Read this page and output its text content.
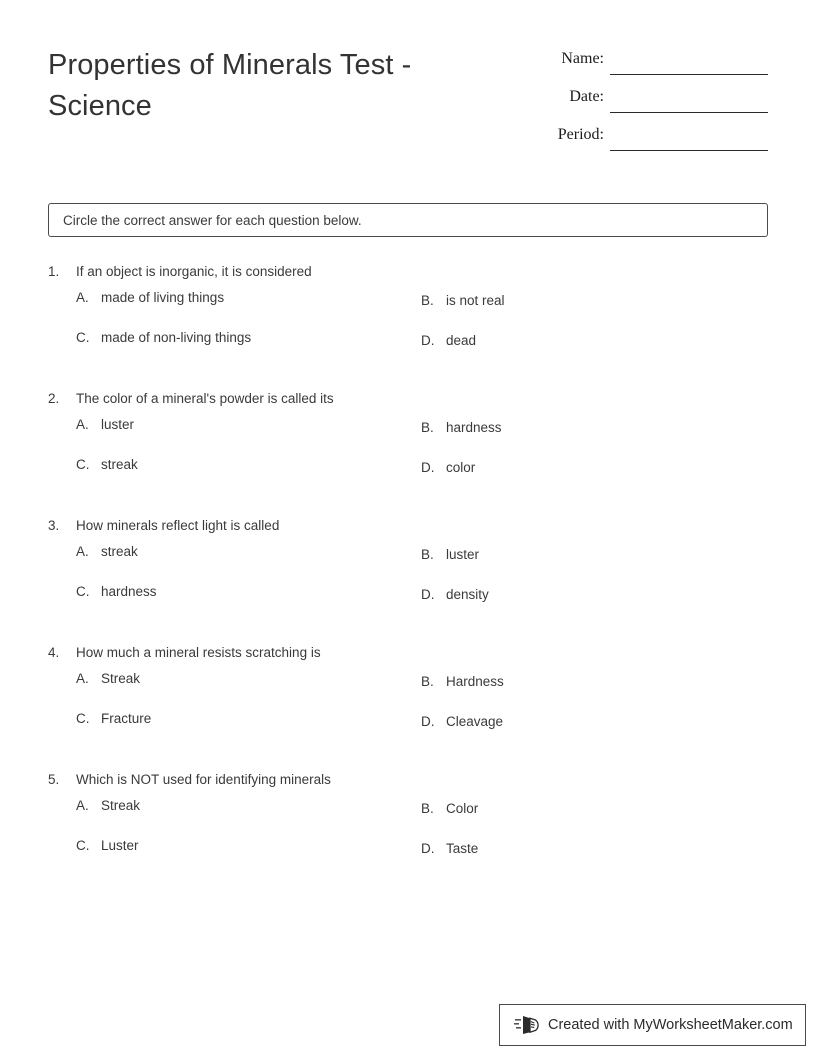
Properties of Minerals Test - Science
Name:
Date:
Period:
Circle the correct answer for each question below.
1. If an object is inorganic, it is considered
A. made of living things	B. is not real
C. made of non-living things	D. dead
2. The color of a mineral's powder is called its
A. luster	B. hardness
C. streak	D. color
3. How minerals reflect light is called
A. streak	B. luster
C. hardness	D. density
4. How much a mineral resists scratching is
A. Streak	B. Hardness
C. Fracture	D. Cleavage
5. Which is NOT used for identifying minerals
A. Streak	B. Color
C. Luster	D. Taste
Created with MyWorksheetMaker.com
